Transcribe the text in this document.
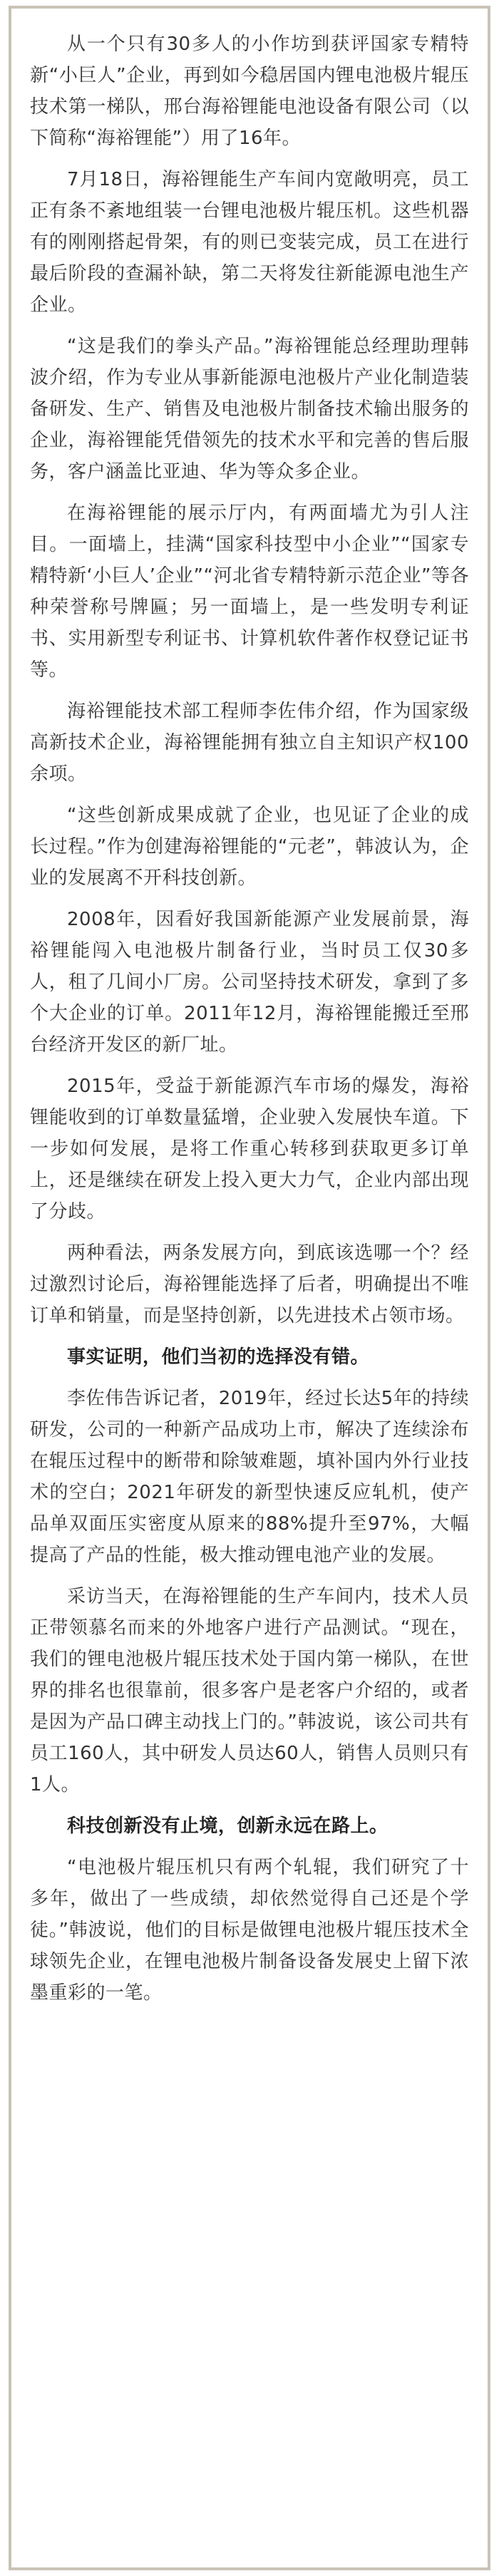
从一个只有30多人的小作坊到获评国家专精特新“小巨人”企业，再到如今稳居国内锂电池极片辊压技术第一梯队，邢台海裕锂能电池设备有限公司（以下简称“海裕锂能”）用了16年。

7月18日，海裕锂能生产车间内宽敞明亮，员工正有条不紊地组装一台锂电池极片辊压机。这些机器有的刚刚搭起骨架，有的则已变装完成，员工在进行最后阶段的查漏补缺，第二天将发往新能源电池生产企业。

“这是我们的拳头产品。”海裕锂能总经理助理韩波介绍，作为专业从事新能源电池极片产业化制造装备研发、生产、销售及电池极片制备技术输出服务的企业，海裕锂能凭借领先的技术水平和完善的售后服务，客户涵盖比亚迪、华为等众多企业。

在海裕锂能的展示厅内，有两面墙尤为引人注目。一面墙上，挂满“国家科技型中小企业”“国家专精特新‘小巨人’企业”“河北省专精特新示范企业”等各种荣誉称号牌匾；另一面墙上，是一些发明专利证书、实用新型专利证书、计算机软件著作权登记证书等。

海裕锂能技术部工程师李佐伟介绍，作为国家级高新技术企业，海裕锂能拥有独立自主知识产权100余项。

“这些创新成果成就了企业，也见证了企业的成长过程。”作为创建海裕锂能的“元老”，韩波认为，企业的发展离不开科技创新。

2008年，因看好我国新能源产业发展前景，海裕锂能闯入电池极片制备行业，当时员工仅30多人，租了几间小厂房。公司坚持技术研发，拿到了多个大企业的订单。2011年12月，海裕锂能搬迁至邢台经济开发区的新厂址。

2015年，受益于新能源汽车市场的爆发，海裕锂能收到的订单数量猛增，企业驶入发展快车道。下一步如何发展，是将工作重心转移到获取更多订单上，还是继续在研发上投入更大力气，企业内部出现了分歧。

两种看法，两条发展方向，到底该选哪一个？经过激烈讨论后，海裕锂能选择了后者，明确提出不唯订单和销量，而是坚持创新，以先进技术占领市场。

事实证明，他们当初的选择没有错。

李佐伟告诉记者，2019年，经过长达5年的持续研发，公司的一种新产品成功上市，解决了连续涂布在辊压过程中的断带和除皱难题，填补国内外行业技术的空白；2021年研发的新型快速反应轧机，使产品单双面压实密度从原来的88%提升至97%，大幅提高了产品的性能，极大推动锂电池产业的发展。

采访当天，在海裕锂能的生产车间内，技术人员正带领慕名而来的外地客户进行产品测试。“现在，我们的锂电池极片辊压技术处于国内第一梯队，在世界的排名也很靠前，很多客户是老客户介绍的，或者是因为产品口碑主动找上门的。”韩波说，该公司共有员工160人，其中研发人员达60人，销售人员则只有1人。

科技创新没有止境，创新永远在路上。

“电池极片辊压机只有两个轧辊，我们研究了十多年，做出了一些成绩，却依然觉得自己还是个学徒。”韩波说，他们的目标是做锂电池极片辊压技术全球领先企业，在锂电池极片制备设备发展史上留下浓墨重彩的一笔。
